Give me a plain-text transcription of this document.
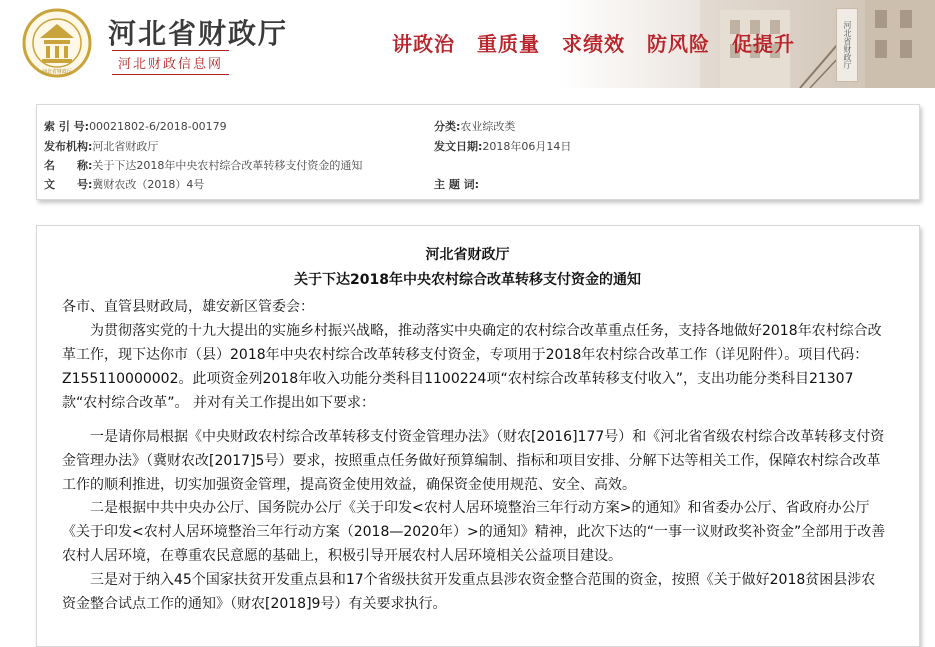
河北省财政厅
河北省财政厅
河北财政信息网
讲政治 重质量 求绩效 防风险 促提升	河北省财政厅
索 引 号:00021802-6/2018-00179	分类:农业综改类
发布机构:河北省财政厅	发文日期:2018年06月14日
名　　称:关于下达2018年中央农村综合改革转移支付资金的通知
文　　号:冀财农改（2018）4号	主 题 词:
河北省财政厅
关于下达2018年中央农村综合改革转移支付资金的通知
各市、直管县财政局，雄安新区管委会：
为贯彻落实党的十九大提出的实施乡村振兴战略，推动落实中央确定的农村综合改革重点任务，支持各地做好2018年农村综合改革工作，现下达你市（县）2018年中央农村综合改革转移支付资金，专项用于2018年农村综合改革工作（详见附件）。项目代码：Z155110000002。此项资金列2018年收入功能分类科目1100224项“农村综合改革转移支付收入”，支出功能分类科目21307款“农村综合改革”。 并对有关工作提出如下要求：
一是请你局根据《中央财政农村综合改革转移支付资金管理办法》（财农[2016]177号）和《河北省省级农村综合改革转移支付资金管理办法》（冀财农改[2017]5号）要求，按照重点任务做好预算编制、指标和项目安排、分解下达等相关工作，保障农村综合改革工作的顺利推进，切实加强资金管理，提高资金使用效益，确保资金使用规范、安全、高效。
二是根据中共中央办公厅、国务院办公厅《关于印发<农村人居环境整治三年行动方案>的通知》和省委办公厅、省政府办公厅《关于印发<农村人居环境整治三年行动方案（2018—2020年）>的通知》精神，此次下达的“一事一议财政奖补资金”全部用于改善农村人居环境，在尊重农民意愿的基础上，积极引导开展农村人居环境相关公益项目建设。
三是对于纳入45个国家扶贫开发重点县和17个省级扶贫开发重点县涉农资金整合范围的资金，按照《关于做好2018贫困县涉农资金整合试点工作的通知》（财农[2018]9号）有关要求执行。
